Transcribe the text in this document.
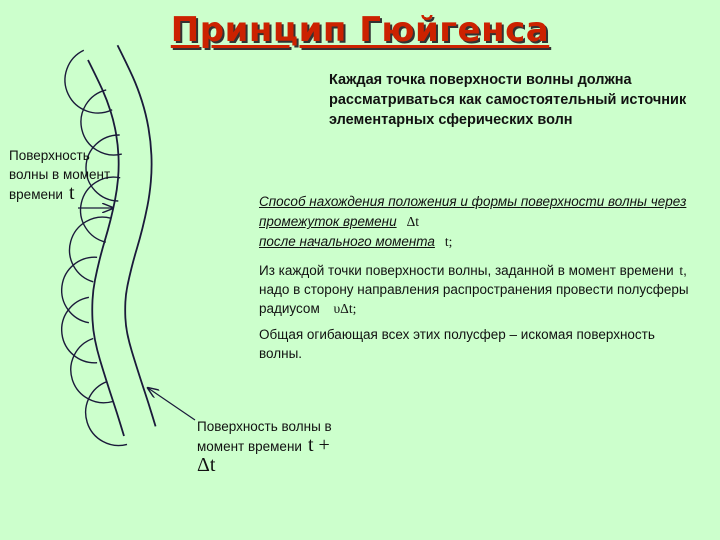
Принцип Гюйгенса
Каждая точка поверхности волны должна рассматриваться как самостоятельный источник элементарных сферических волн
Поверхность волны в момент времени t
Поверхность волны в момент времени t + Δt
Способ нахождения положения и формы поверхности волны через промежуток времени Δt
после начального момента t;
Из каждой точки поверхности волны, заданной в момент времени t, надо в сторону направления распространения провести полусферы радиусом υΔt;
Общая огибающая всех этих полусфер – искомая поверхность волны.
